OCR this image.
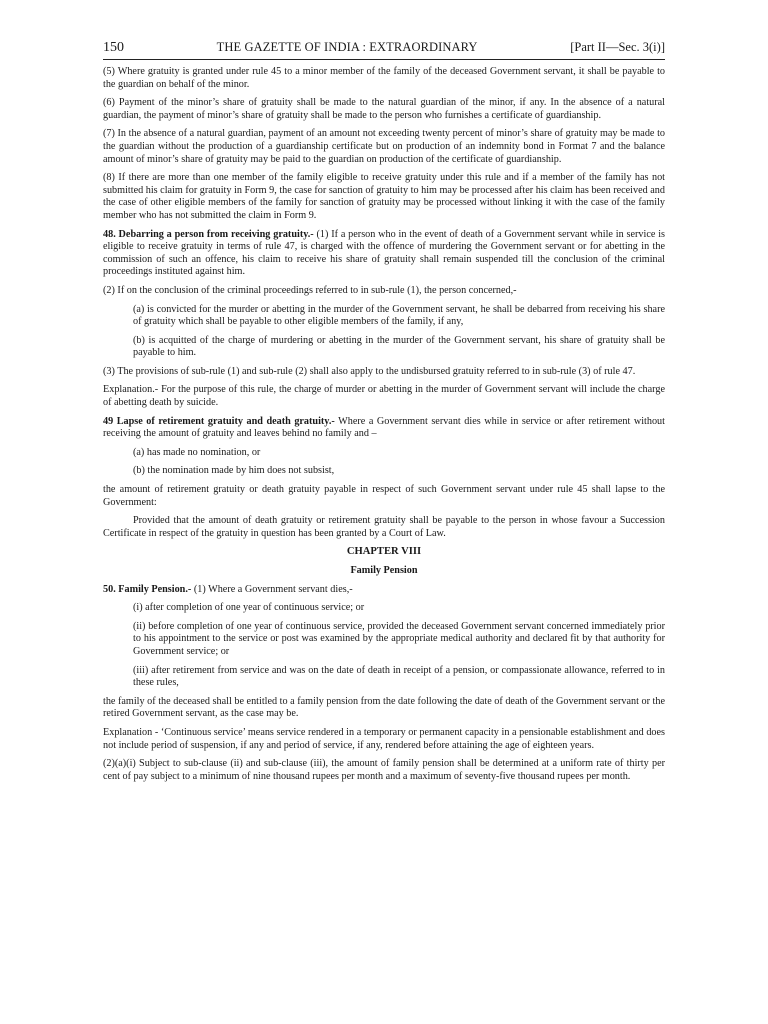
150	THE GAZETTE OF INDIA : EXTRAORDINARY	[Part II—Sec. 3(i)]

(5) Where gratuity is granted under rule 45 to a minor member of the family of the deceased Government servant, it shall be payable to the guardian on behalf of the minor.

(6) Payment of the minor’s share of gratuity shall be made to the natural guardian of the minor, if any. In the absence of a natural guardian, the payment of minor’s share of gratuity shall be made to the person who furnishes a certificate of guardianship.

(7) In the absence of a natural guardian, payment of an amount not exceeding twenty percent of minor’s share of gratuity may be made to the guardian without the production of a guardianship certificate but on production of an indemnity bond in Format 7 and the balance amount of minor’s share of gratuity may be paid to the guardian on production of the certificate of guardianship.

(8) If there are more than one member of the family eligible to receive gratuity under this rule and if a member of the family has not submitted his claim for gratuity in Form 9, the case for sanction of gratuity to him may be processed after his claim has been received and the case of other eligible members of the family for sanction of gratuity may be processed without linking it with the case of the family member who has not submitted the claim in Form 9.

48. Debarring a person from receiving gratuity.- (1) If a person who in the event of death of a Government servant while in service is eligible to receive gratuity in terms of rule 47, is charged with the offence of murdering the Government servant or for abetting in the commission of such an offence, his claim to receive his share of gratuity shall remain suspended till the conclusion of the criminal proceedings instituted against him.

(2) If on the conclusion of the criminal proceedings referred to in sub-rule (1), the person concerned,-

(a) is convicted for the murder or abetting in the murder of the Government servant, he shall be debarred from receiving his share of gratuity which shall be payable to other eligible members of the family, if any,

(b) is acquitted of the charge of murdering or abetting in the murder of the Government servant, his share of gratuity shall be payable to him.

(3) The provisions of sub-rule (1) and sub-rule (2) shall also apply to the undisbursed gratuity referred to in sub-rule (3) of rule 47.

Explanation.- For the purpose of this rule, the charge of murder or abetting in the murder of Government servant will include the charge of abetting death by suicide.

49 Lapse of retirement gratuity and death gratuity.- Where a Government servant dies while in service or after retirement without receiving the amount of gratuity and leaves behind no family and –

(a) has made no nomination, or

(b) the nomination made by him does not subsist,

the amount of retirement gratuity or death gratuity payable in respect of such Government servant under rule 45 shall lapse to the Government:

Provided that the amount of death gratuity or retirement gratuity shall be payable to the person in whose favour a Succession Certificate in respect of the gratuity in question has been granted by a Court of Law.

CHAPTER VIII

Family Pension

50. Family Pension.- (1) Where a Government servant dies,-

(i) after completion of one year of continuous service; or

(ii) before completion of one year of continuous service, provided the deceased Government servant concerned immediately prior to his appointment to the service or post was examined by the appropriate medical authority and declared fit by that authority for Government service; or

(iii) after retirement from service and was on the date of death in receipt of a pension, or compassionate allowance, referred to in these rules,

the family of the deceased shall be entitled to a family pension from the date following the date of death of the Government servant or the retired Government servant, as the case may be.

Explanation - ‘Continuous service’ means service rendered in a temporary or permanent capacity in a pensionable establishment and does not include period of suspension, if any and period of service, if any, rendered before attaining the age of eighteen years.

(2)(a)(i) Subject to sub-clause (ii) and sub-clause (iii), the amount of family pension shall be determined at a uniform rate of thirty per cent of pay subject to a minimum of nine thousand rupees per month and a maximum of seventy-five thousand rupees per month.
